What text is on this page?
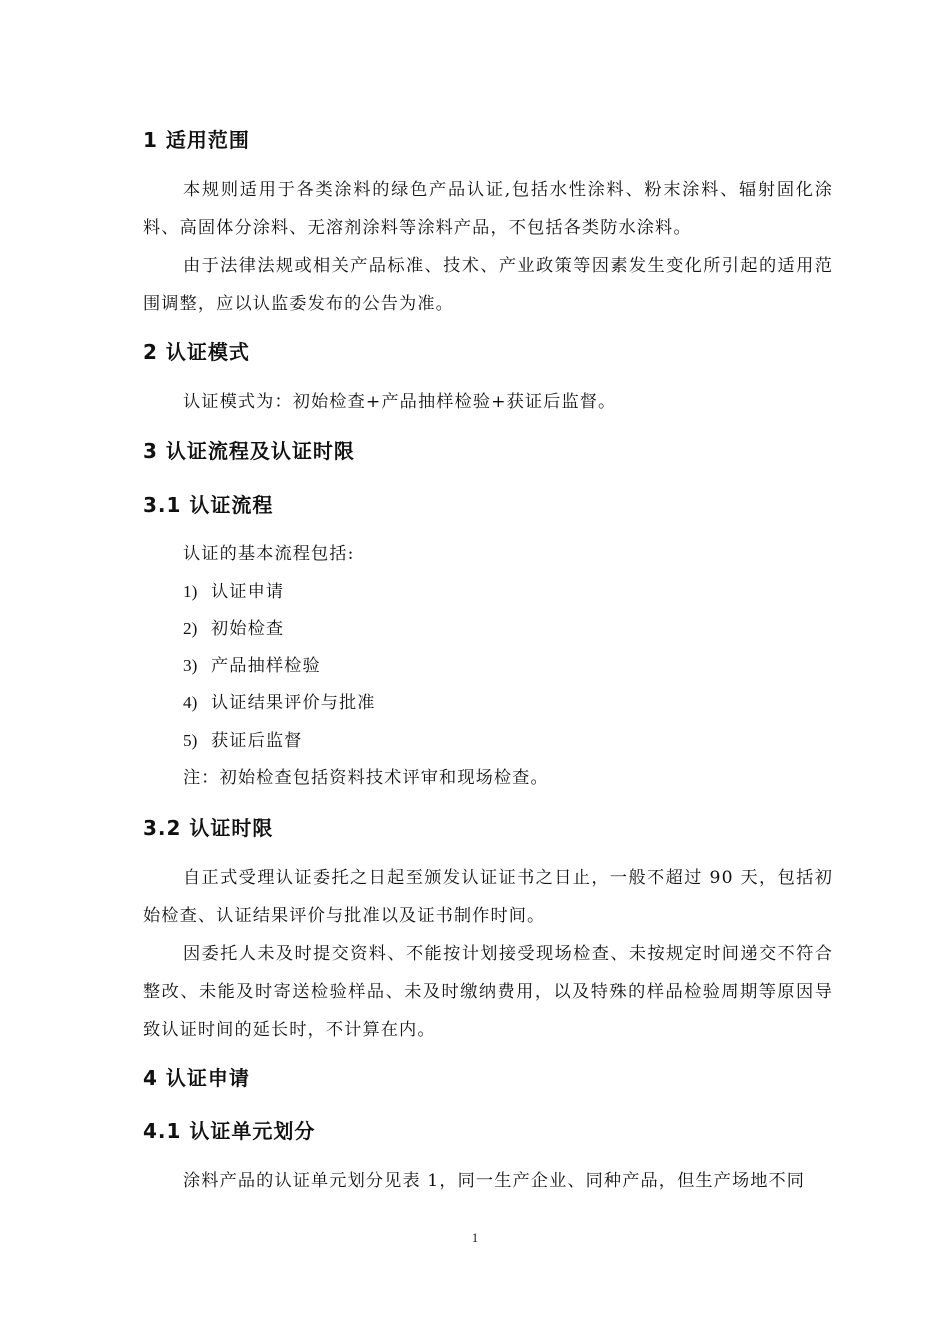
1 适用范围

本规则适用于各类涂料的绿色产品认证,包括水性涂料、粉末涂料、辐射固化涂料、高固体分涂料、无溶剂涂料等涂料产品，不包括各类防水涂料。

由于法律法规或相关产品标准、技术、产业政策等因素发生变化所引起的适用范围调整，应以认监委发布的公告为准。

2 认证模式

认证模式为：初始检查+产品抽样检验+获证后监督。

3 认证流程及认证时限
3.1 认证流程
认证的基本流程包括:
1) 认证申请
2) 初始检查
3) 产品抽样检验
4) 认证结果评价与批准
5) 获证后监督
注：初始检查包括资料技术评审和现场检查。
3.2 认证时限

自正式受理认证委托之日起至颁发认证证书之日止，一般不超过 90 天，包括初始检查、认证结果评价与批准以及证书制作时间。

因委托人未及时提交资料、不能按计划接受现场检查、未按规定时间递交不符合整改、未能及时寄送检验样品、未及时缴纳费用，以及特殊的样品检验周期等原因导致认证时间的延长时，不计算在内。

4 认证申请
4.1 认证单元划分

涂料产品的认证单元划分见表 1，同一生产企业、同种产品，但生产场地不同

1
